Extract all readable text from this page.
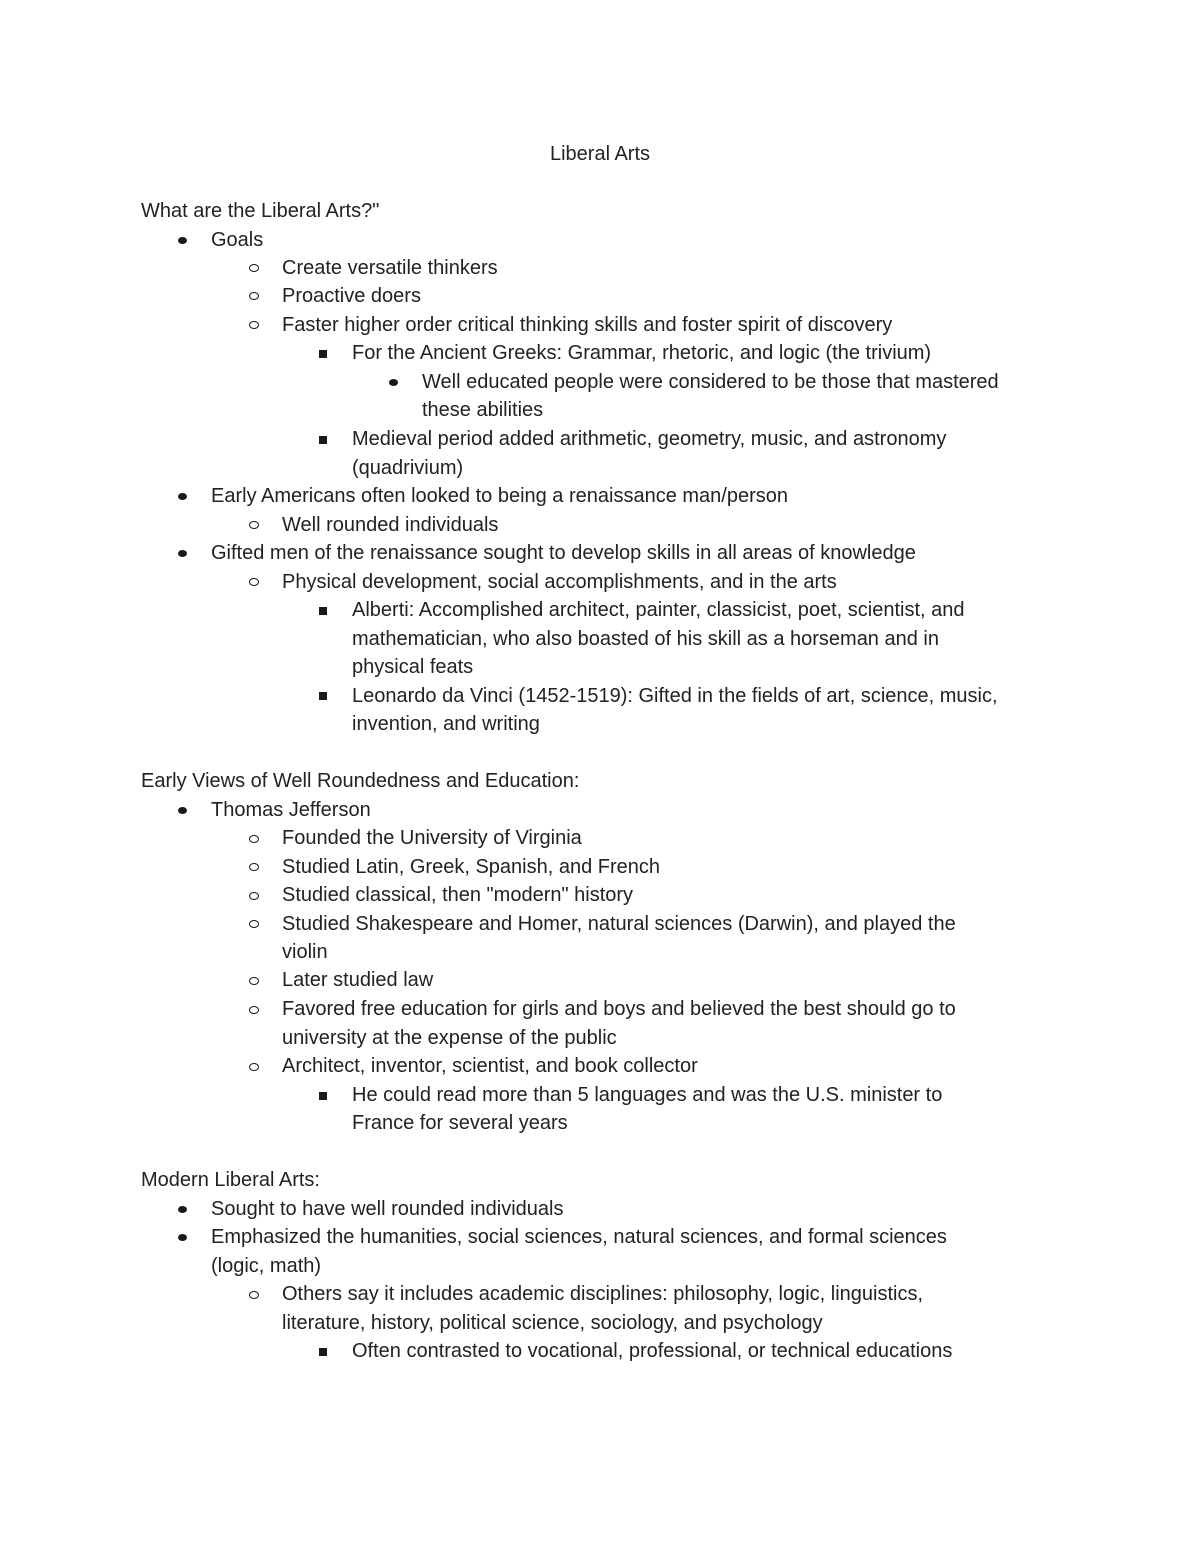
Liberal Arts
What are the Liberal Arts?"
Goals
Create versatile thinkers
Proactive doers
Faster higher order critical thinking skills and foster spirit of discovery
For the Ancient Greeks: Grammar, rhetoric, and logic (the trivium)
Well educated people were considered to be those that mastered
these abilities
Medieval period added arithmetic, geometry, music, and astronomy
(quadrivium)
Early Americans often looked to being a renaissance man/person
Well rounded individuals
Gifted men of the renaissance sought to develop skills in all areas of knowledge
Physical development, social accomplishments, and in the arts
Alberti: Accomplished architect, painter, classicist, poet, scientist, and
mathematician, who also boasted of his skill as a horseman and in
physical feats
Leonardo da Vinci (1452-1519): Gifted in the fields of art, science, music,
invention, and writing
Early Views of Well Roundedness and Education:
Thomas Jefferson
Founded the University of Virginia
Studied Latin, Greek, Spanish, and French
Studied classical, then "modern" history
Studied Shakespeare and Homer, natural sciences (Darwin), and played the
violin
Later studied law
Favored free education for girls and boys and believed the best should go to
university at the expense of the public
Architect, inventor, scientist, and book collector
He could read more than 5 languages and was the U.S. minister to
France for several years
Modern Liberal Arts:
Sought to have well rounded individuals
Emphasized the humanities, social sciences, natural sciences, and formal sciences
(logic, math)
Others say it includes academic disciplines: philosophy, logic, linguistics,
literature, history, political science, sociology, and psychology
Often contrasted to vocational, professional, or technical educations
